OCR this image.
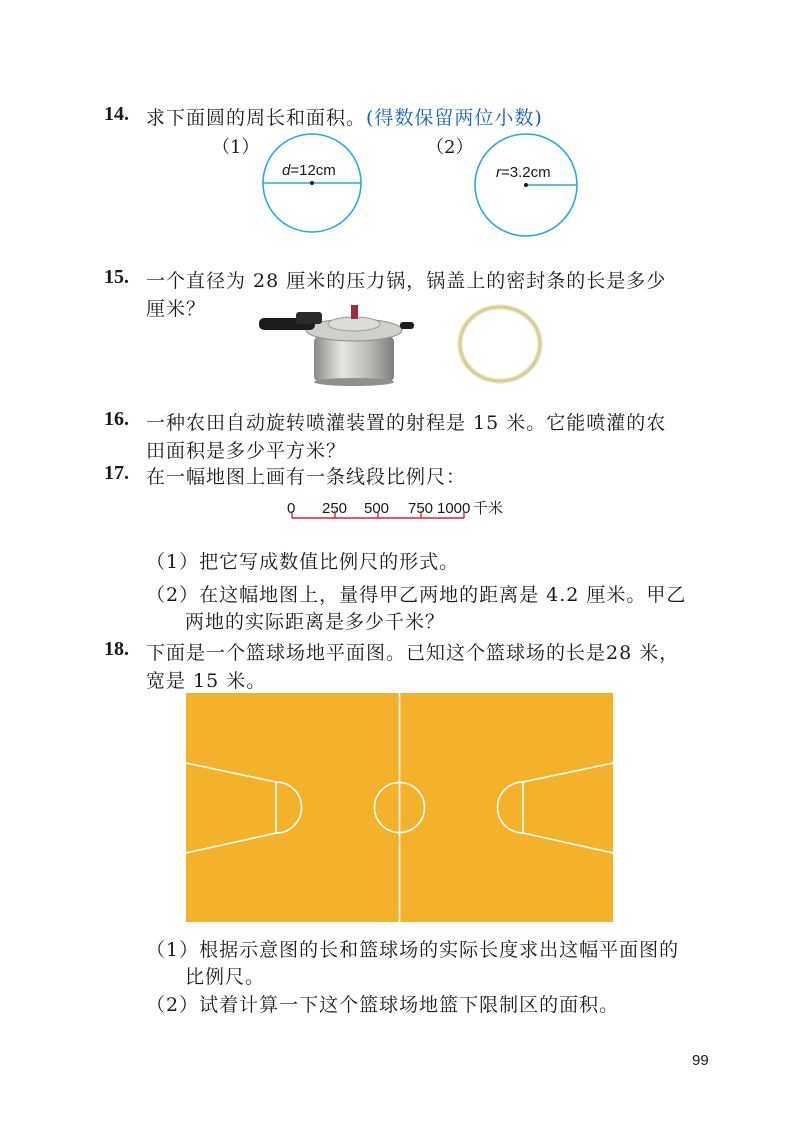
14. 求下面圆的周长和面积。(得数保留两位小数)
（1）	（2）
d=12cm	r=3.2cm
15. 一个直径为 28 厘米的压力锅，锅盖上的密封条的长是多少
厘米？
16. 一种农田自动旋转喷灌装置的射程是 15 米。它能喷灌的农
田面积是多少平方米？
17. 在一幅地图上画有一条线段比例尺：
0 250 500 750 1000 千米
（1）把它写成数值比例尺的形式。
（2）在这幅地图上，量得甲乙两地的距离是 4.2 厘米。甲乙
两地的实际距离是多少千米？
18. 下面是一个篮球场地平面图。已知这个篮球场的长是28 米，
宽是 15 米。
（1）根据示意图的长和篮球场的实际长度求出这幅平面图的
比例尺。
（2）试着计算一下这个篮球场地篮下限制区的面积。
99
